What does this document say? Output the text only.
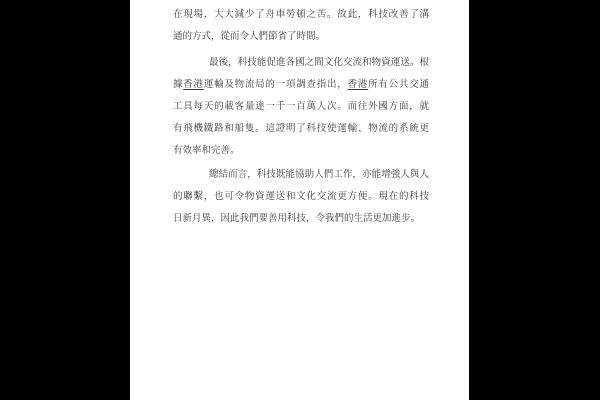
在現場，大大減少了舟車勞頓之苦。故此，科技改善了溝
通的方式，從而令人們節省了時間。
最後，科技能促進各國之間文化交流和物資運送。根
據香港運輸及物流局的一項調查指出，香港所有公共交通
工具每天的載客量達一千一百萬人次。而往外國方面，就
有飛機鐵路和船隻。這證明了科技使運輸、物流的系統更
有效率和完善。
總結而言，科技既能協助人們工作，亦能增強人與人
的聯繫，也可令物資運送和文化交流更方便。現在的科技
日新月異，因此我們要善用科技，令我們的生活更加進步。
